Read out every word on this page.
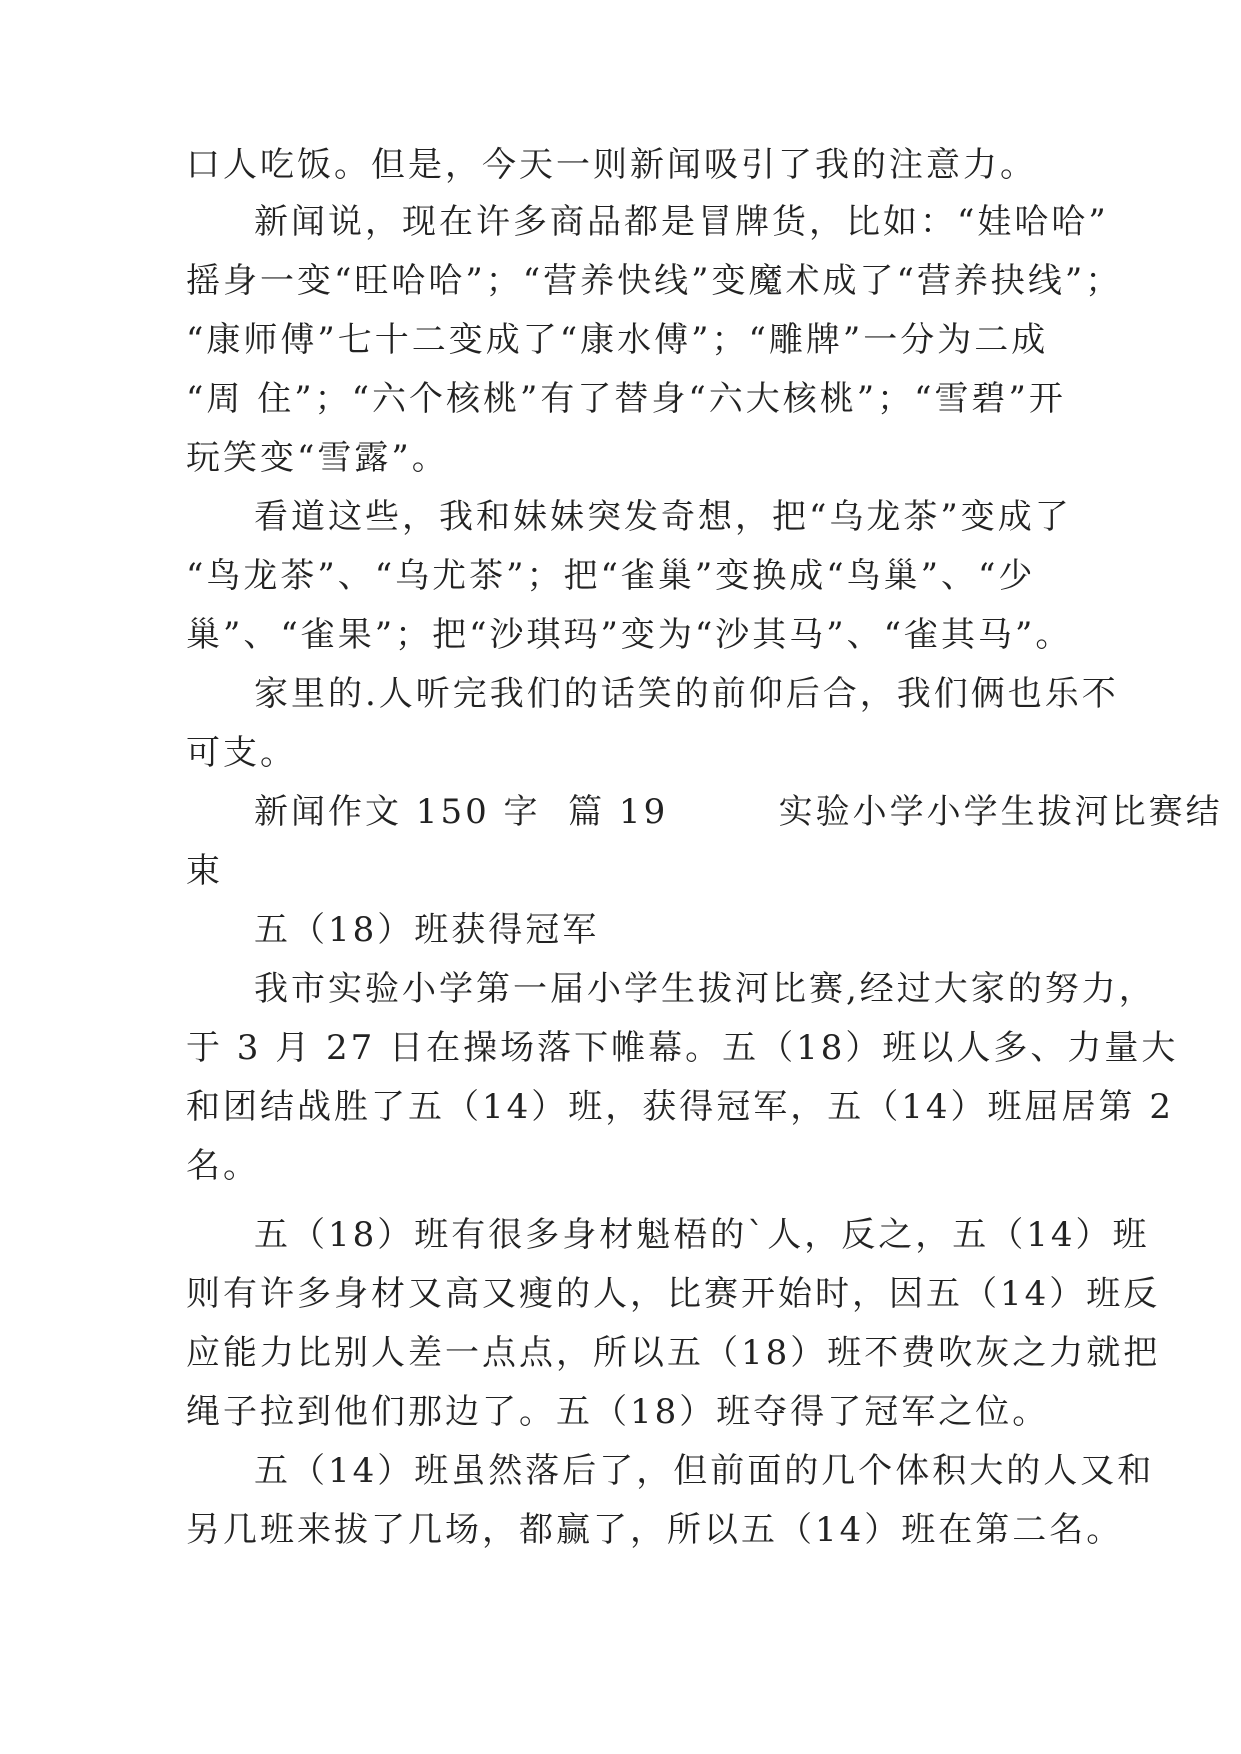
口人吃饭。但是，今天一则新闻吸引了我的注意力。
新闻说，现在许多商品都是冒牌货，比如：“娃哈哈”
摇身一变“旺哈哈”；“营养快线”变魔术成了“营养抉线”；
“康师傅”七十二变成了“康水傅”；“雕牌”一分为二成
“周 住”；“六个核桃”有了替身“六大核桃”；“雪碧”开
玩笑变“雪露”。
看道这些，我和妹妹突发奇想，把“乌龙茶”变成了
“鸟龙茶”、“乌尤茶”；把“雀巢”变换成“鸟巢”、“少
巢”、“雀果”；把“沙琪玛”变为“沙其马”、“雀其马”。
家里的.人听完我们的话笑的前仰后合，我们俩也乐不
可支。
新闻作文 150 字  篇 19        实验小学小学生拔河比赛结
束
五（18）班获得冠军
我市实验小学第一届小学生拔河比赛,经过大家的努力，
于 3 月 27 日在操场落下帷幕。五（18）班以人多、力量大
和团结战胜了五（14）班，获得冠军，五（14）班屈居第 2
名。
五（18）班有很多身材魁梧的`人，反之，五（14）班
则有许多身材又高又瘦的人，比赛开始时，因五（14）班反
应能力比别人差一点点，所以五（18）班不费吹灰之力就把
绳子拉到他们那边了。五（18）班夺得了冠军之位。
五（14）班虽然落后了，但前面的几个体积大的人又和
另几班来拔了几场，都赢了，所以五（14）班在第二名。
